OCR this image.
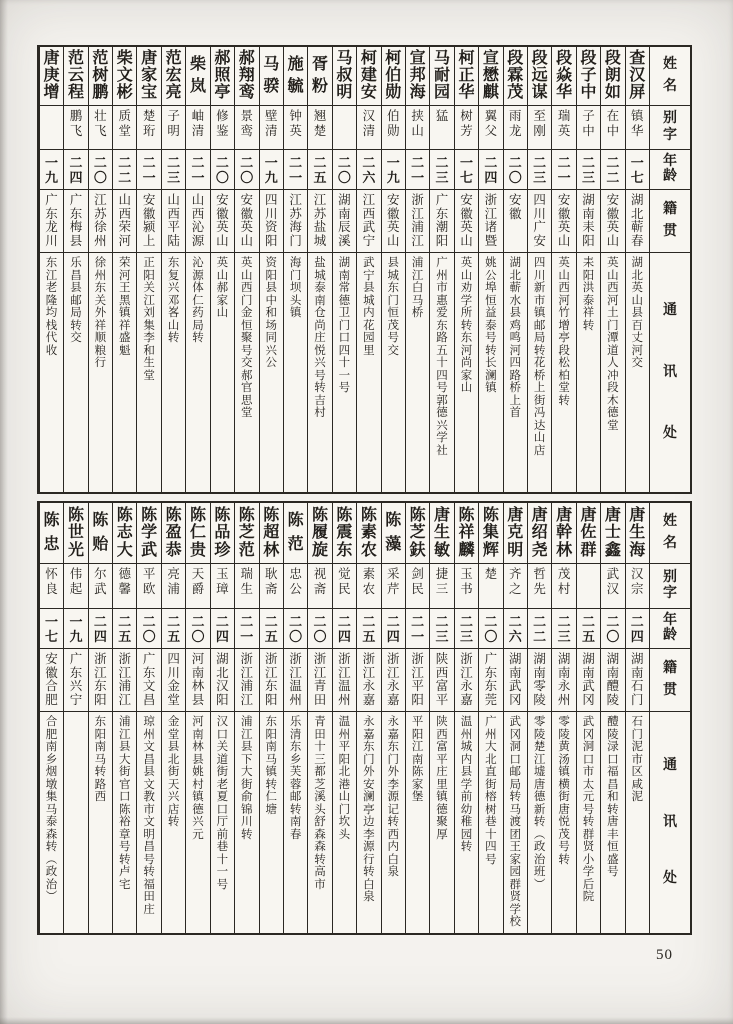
姓
名
别
字
年
龄
籍
贯
通
讯
处
查
汉
屏
镇
华
一
七
湖
北
蕲
春
湖
北
英
山
县
百
丈
河
交
段
朗
如
在
中
二
二
安
徽
英
山
英
山
西
河
土
门
潭
道
人
冲
段
木
德
堂
段
子
中
子
中
二
三
湖
南
耒
阳
耒
阳
洪
泰
祥
转
段
焱
华
瑞
英
二
一
安
徽
英
山
英
山
西
河
竹
增
亭
段
松
柏
堂
转
段
远
谋
至
刚
二
三
四
川
广
安
四
川
新
市
镇
邮
局
转
花
桥
上
街
冯
达
山
店
段
霖
茂
雨
龙
二
〇
安
徽
湖
北
蕲
水
县
鸡
鸣
河
四
路
桥
上
首
宣
懋
麒
翼
父
二
四
浙
江
诸
暨
姚
公
埠
恒
益
泰
号
转
长
澜
镇
柯
正
华
树
芳
一
七
安
徽
英
山
英
山
劝
学
所
转
东
河
尚
家
山
马
耐
园
猛
二
三
广
东
潮
阳
广
州
市
惠
爱
东
路
五
十
四
号
郭
德
兴
学
社
宣
邦
海
挟
山
二
一
浙
江
浦
江
浦
江
白
马
桥
柯
伯
勋
伯
勋
一
九
安
徽
英
山
县
城
东
门
恒
茂
号
交
柯
建
安
汉
清
二
六
江
西
武
宁
武
宁
县
城
内
花
园
里
马
叔
明
二
〇
湖
南
辰
溪
湖
南
常
德
卫
门
口
四
十
一
号
胥
粉
翘
楚
二
五
江
苏
盐
城
盐
城
泰
南
仓
尚
庄
悦
兴
号
转
吉
村
施
毓
钟
英
二
一
江
苏
海
门
海
门
坝
头
镇
马
骙
壁
清
一
九
四
川
资
阳
资
阳
县
中
和
场
同
兴
公
郝
翔
鸾
景
鸾
二
〇
安
徽
英
山
英
山
西
门
金
恒
聚
号
交
郝
官
思
堂
郝
照
亭
修
鉴
二
〇
安
徽
英
山
英
山
郝
家
山
柴
岚
岫
清
二
一
山
西
沁
源
沁
源
体
仁
药
局
转
范
宏
亮
子
明
二
三
山
西
平
陆
东
复
兴
邓
峉
山
转
唐
家
宝
楚
珩
二
一
安
徽
颍
上
正
阳
关
江
刘
集
李
和
生
堂
柴
文
彬
质
堂
二
二
山
西
荣
河
荣
河
王
黑
镇
祥
盛
魁
范
树
鹏
壮
飞
二
〇
江
苏
徐
州
徐
州
东
关
外
祥
顺
粮
行
范
云
程
鹏
飞
二
四
广
东
梅
县
乐
昌
县
邮
局
转
交
唐
庚
增
一
九
广
东
龙
川
东
江
老
隆
均
栈
代
收
姓
名
别
字
年
龄
籍
贯
通
讯
处
唐
生
海
汉
宗
二
四
湖
南
石
门
石
门
泥
市
区
咸
泥
唐
士
鑫
武
汉
二
〇
湖
南
醴
陵
醴
陵
渌
口
福
昌
和
转
唐
丰
恒
盛
号
唐
佐
群
二
五
湖
南
武
冈
武
冈
洞
口
市
太
元
号
转
群
贤
小
学
后
院
唐
幹
林
茂
村
二
三
湖
南
永
州
零
陵
黄
汤
镇
横
街
唐
悦
茂
号
转
唐
绍
尧
哲
先
二
二
湖
南
零
陵
零
陵
楚
江
墟
唐
德
新
转
︵
政
治
班
︶
唐
克
明
齐
之
二
六
湖
南
武
冈
武
冈
洞
口
邮
局
转
马
渡
团
王
家
园
群
贤
学
校
陈
集
辉
楚
二
〇
广
东
东
莞
广
州
大
北
直
街
榕
树
巷
十
四
号
陈
祥
麟
玉
书
二
三
浙
江
永
嘉
温
州
城
内
县
学
前
幼
稚
园
转
唐
生
敏
捷
三
二
三
陕
西
富
平
陕
西
富
平
庄
里
镇
德
聚
厚
陈
芝
鈇
剑
民
二
一
浙
江
平
阳
平
阳
江
南
陈
家
堡
陈
藻
采
芹
二
四
浙
江
永
嘉
永
嘉
东
门
外
李
源
记
转
西
内
白
泉
陈
素
农
素
农
二
五
浙
江
永
嘉
永
嘉
东
门
外
安
澜
亭
边
李
源
行
转
白
泉
陈
震
东
觉
民
二
四
浙
江
温
州
温
州
平
阳
北
港
山
门
坎
头
陈
履
旋
视
斋
二
〇
浙
江
青
田
青
田
十
三
都
芝
溪
头
舒
森
森
转
高
市
陈
范
忠
公
二
〇
浙
江
温
州
乐
清
东
乡
芙
蓉
邮
转
南
春
陈
超
林
耿
斋
二
五
浙
江
东
阳
东
阳
南
马
镇
转
仁
塘
陈
芝
范
瑞
生
二
一
浙
江
浦
江
浦
江
县
下
大
街
俞
锦
川
转
陈
品
珍
玉
璋
二
四
湖
北
汉
阳
汉
口
关
道
街
老
夏
口
厅
前
巷
十
一
号
陈
仁
贵
天
爵
二
〇
河
南
林
县
河
南
林
县
姚
村
镇
德
兴
元
陈
盈
恭
亮
浦
二
五
四
川
金
堂
金
堂
县
北
街
天
兴
店
转
陈
学
武
平
欧
二
〇
广
东
文
昌
琼
州
文
昌
县
文
教
市
文
明
昌
号
转
福
田
庄
陈
志
大
德
馨
二
五
浙
江
浦
江
浦
江
县
大
街
官
口
陈
裕
章
号
转
卢
宅
陈
贻
尔
武
二
四
浙
江
东
阳
东
阳
南
马
转
路
西
陈
世
光
伟
起
一
九
广
东
兴
宁
陈
忠
怀
良
一
七
安
徽
合
肥
合
肥
南
乡
烟
墩
集
马
泰
森
转
︵
政
治
︶
50
